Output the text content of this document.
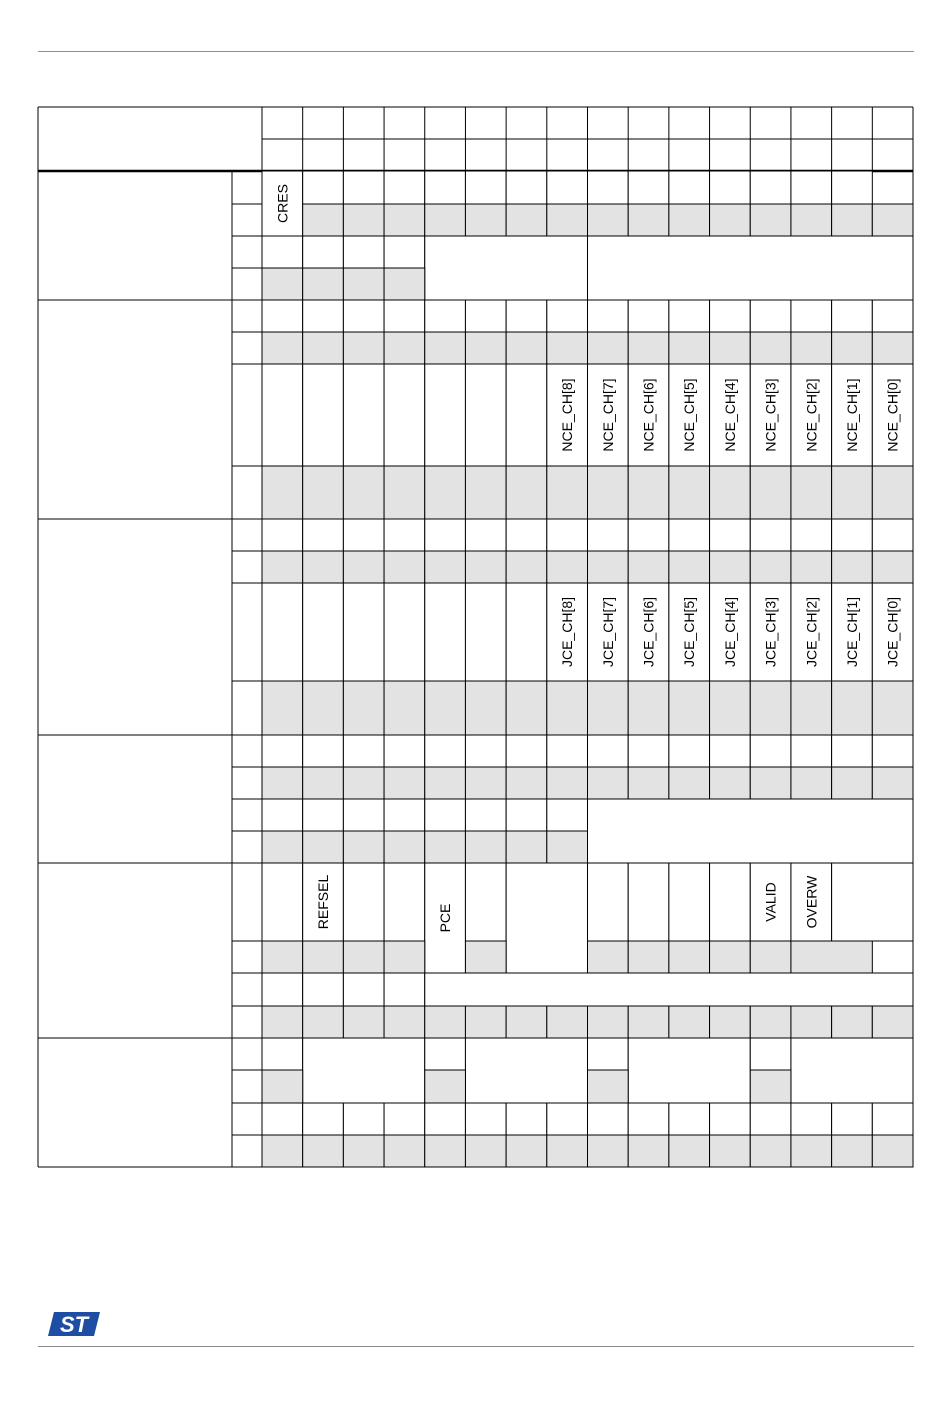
CRES
NCE_CH[8] NCE_CH[7] NCE_CH[6] NCE_CH[5] NCE_CH[4] NCE_CH[3] NCE_CH[2] NCE_CH[1] NCE_CH[0]
JCE_CH[8] JCE_CH[7] JCE_CH[6] JCE_CH[5] JCE_CH[4] JCE_CH[3] JCE_CH[2] JCE_CH[1] JCE_CH[0]
REFSEL	PCE	VALID OVERW
ST
